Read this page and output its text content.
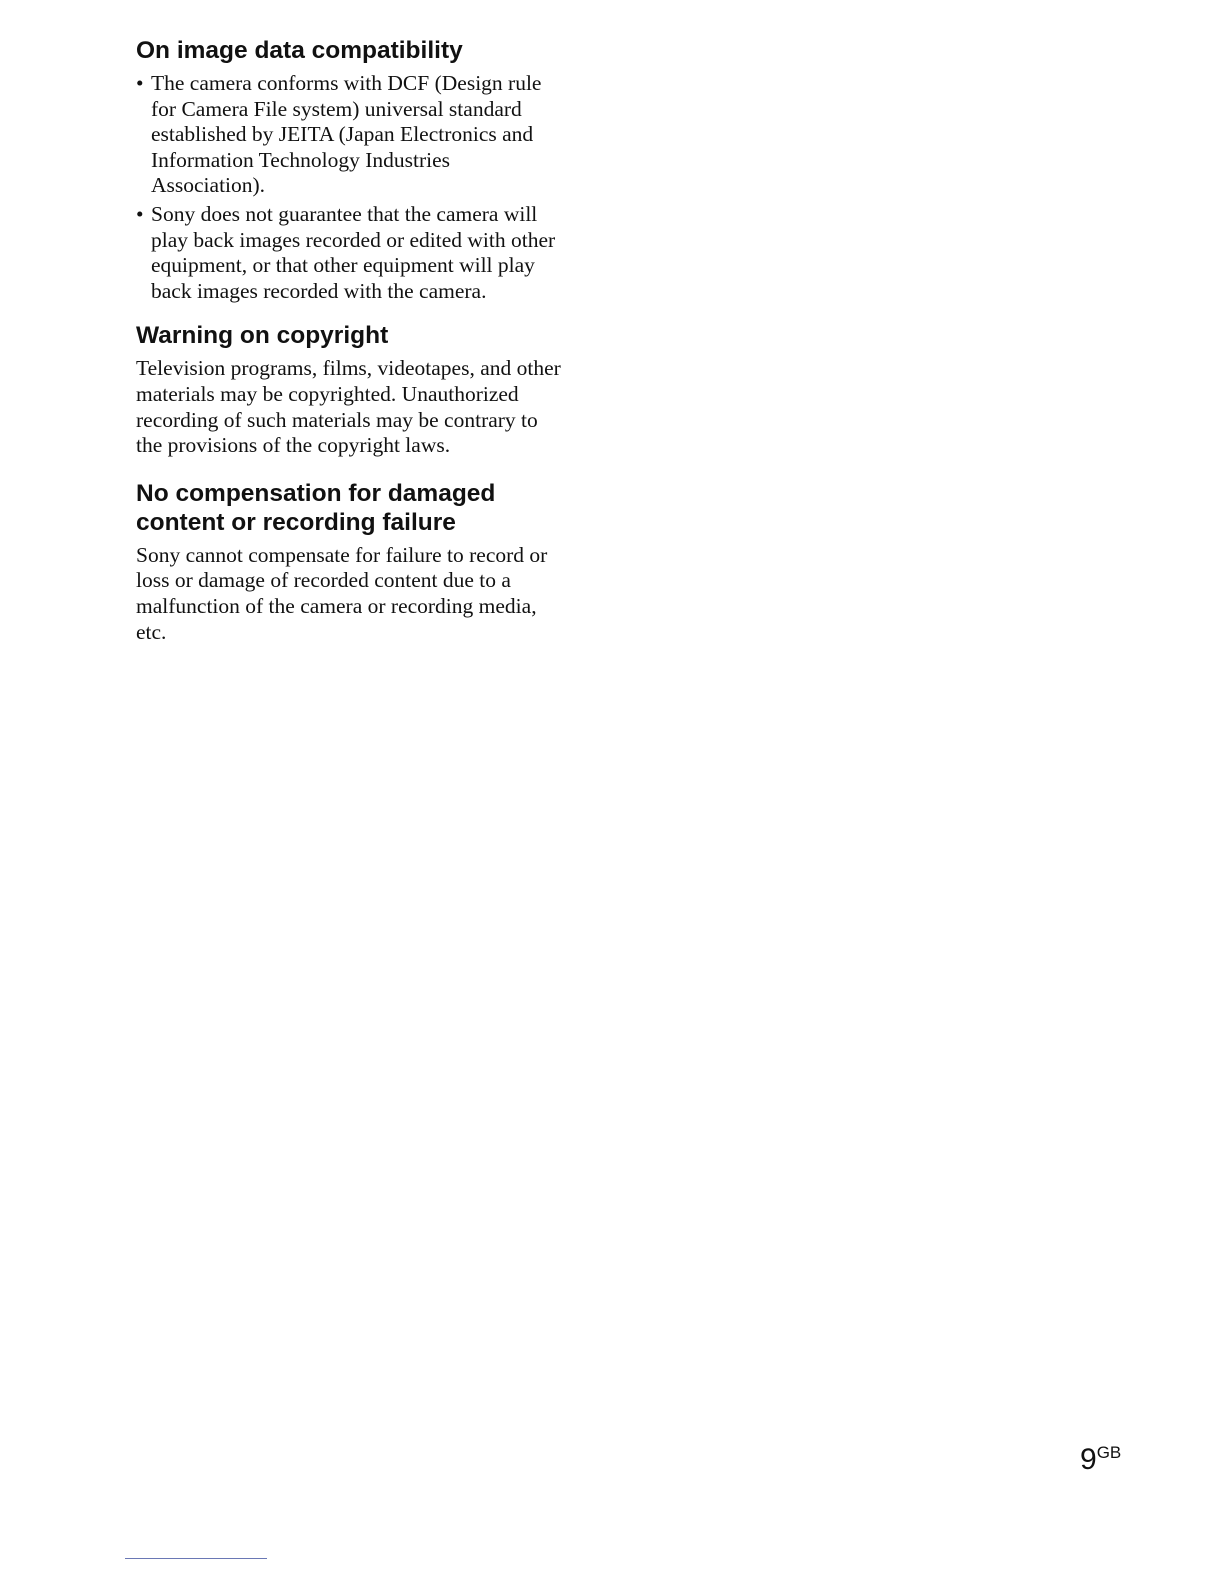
On image data compatibility
• The camera conforms with DCF (Design rule for Camera File system) universal standard established by JEITA (Japan Electronics and Information Technology Industries Association).
• Sony does not guarantee that the camera will play back images recorded or edited with other equipment, or that other equipment will play back images recorded with the camera.
Warning on copyright

Television programs, films, videotapes, and other materials may be copyrighted. Unauthorized recording of such materials may be contrary to the provisions of the copyright laws.

No compensation for damaged content or recording failure

Sony cannot compensate for failure to record or loss or damage of recorded content due to a malfunction of the camera or recording media, etc.

9GB
